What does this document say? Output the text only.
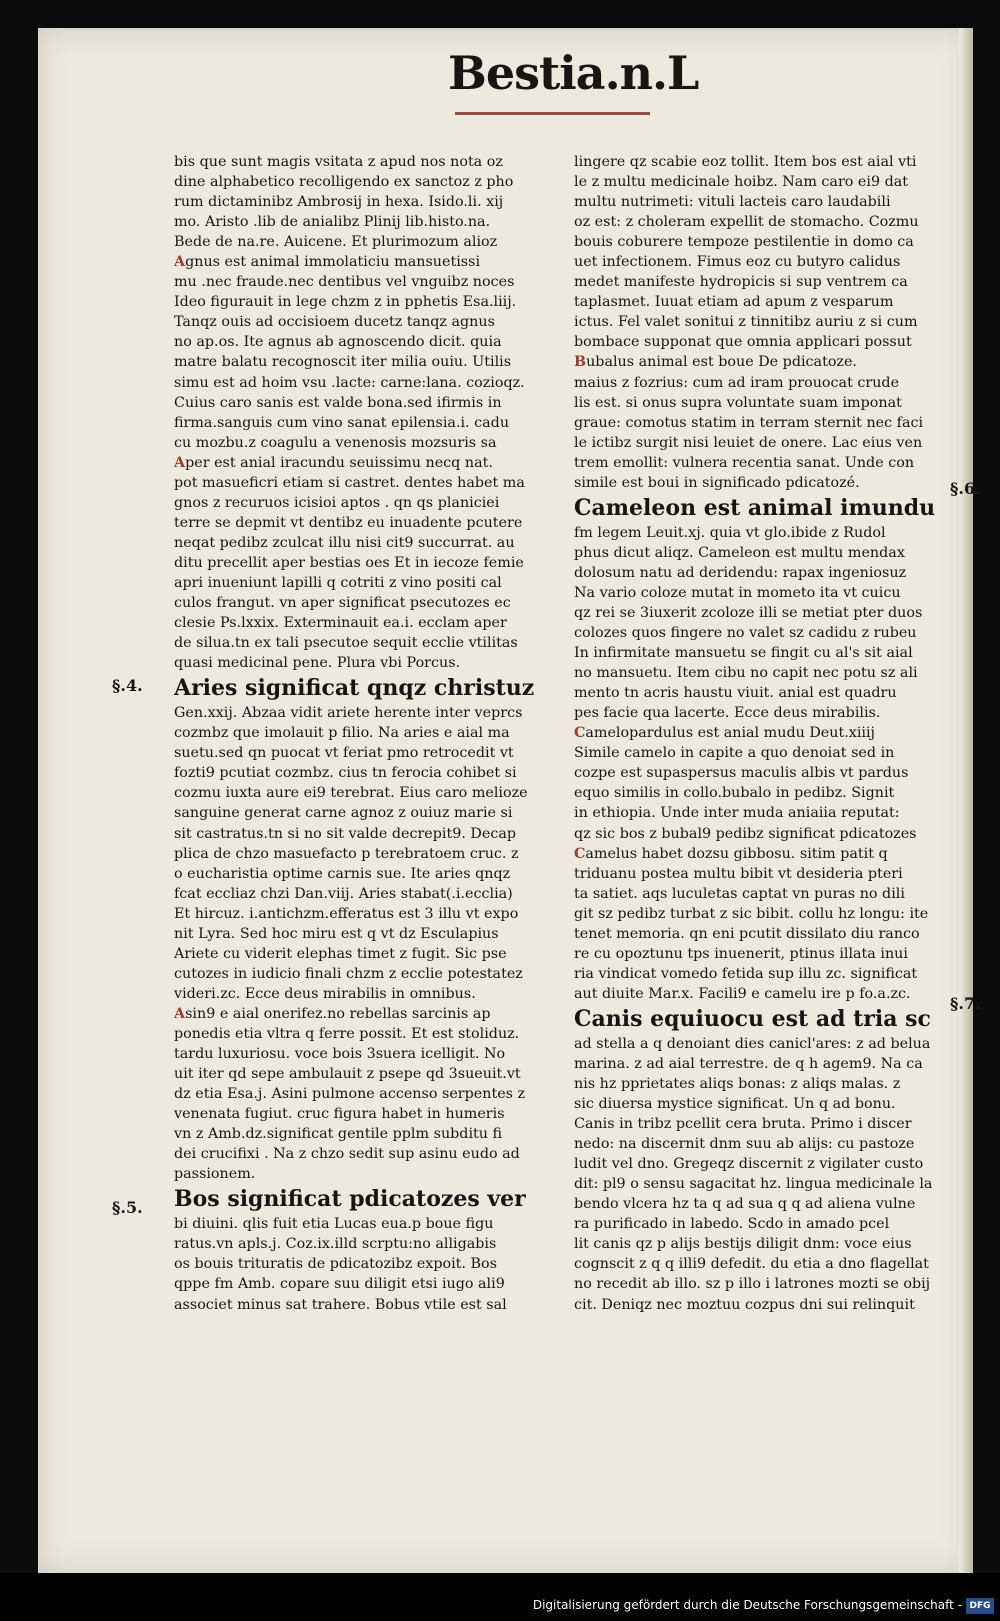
Bestia.n.L
§.4.
§.5.
§.6.
§.7.
bis que sunt magis vsitata z apud nos nota oz
dine alphabetico recolligendo ex sanctoz z pho
rum dictaminibz Ambrosij in hexa. Isido.li. xij
mo. Aristo .lib de anialibz Plinij lib.histo.na.
Bede de na.re. Auicene. Et plurimozum alioz
Agnus est animal immolaticiu mansuetissi
mu .nec fraude.nec dentibus vel vnguibz noces
Ideo figurauit in lege chzm z in pphetis Esa.liij.
Tanqz ouis ad occisioem ducetz tanqz agnus
no ap.os. Ite agnus ab agnoscendo dicit. quia
matre balatu recognoscit iter milia ouiu. Utilis
simu est ad hoim vsu .lacte: carne:lana. cozioqz.
Cuius caro sanis est valde bona.sed ifirmis in
firma.sanguis cum vino sanat epilensia.i. cadu
cu mozbu.z coagulu a venenosis mozsuris sa
Aper est anial iracundu seuissimu necq nat.
pot masueficri etiam si castret. dentes habet ma
gnos z recuruos icisioi aptos . qn qs planiciei
terre se depmit vt dentibz eu inuadente pcutere
neqat pedibz zculcat illu nisi cit9 succurrat. au
ditu precellit aper bestias oes Et in iecoze femie
apri inueniunt lapilli q cotriti z vino positi cal
culos frangut. vn aper significat psecutozes ec
clesie Ps.lxxix. Exterminauit ea.i. ecclam aper
de silua.tn ex tali psecutoe sequit ecclie vtilitas
quasi medicinal pene. Plura vbi Porcus.
Aries significat qnqz christuz
Gen.xxij. Abzaa vidit ariete herente inter veprcs
cozmbz que imolauit p filio. Na aries e aial ma
suetu.sed qn puocat vt feriat pmo retrocedit vt
fozti9 pcutiat cozmbz. cius tn ferocia cohibet si
cozmu iuxta aure ei9 terebrat. Eius caro melioze
sanguine generat carne agnoz z ouiuz marie si
sit castratus.tn si no sit valde decrepit9. Decap
plica de chzo masuefacto p terebratoem cruc. z
o eucharistia optime carnis sue. Ite aries qnqz
fcat eccliaz chzi Dan.viij. Aries stabat(.i.ecclia)
Et hircuz. i.antichzm.efferatus est 3 illu vt expo
nit Lyra. Sed hoc miru est q vt dz Esculapius
Ariete cu viderit elephas timet z fugit. Sic pse
cutozes in iudicio finali chzm z ecclie potestatez
videri.zc. Ecce deus mirabilis in omnibus.
Asin9 e aial onerifez.no rebellas sarcinis ap
ponedis etia vltra q ferre possit. Et est stoliduz.
tardu luxuriosu. voce bois 3suera icelligit. No
uit iter qd sepe ambulauit z psepe qd 3sueuit.vt
dz etia Esa.j. Asini pulmone accenso serpentes z
venenata fugiut. cruc figura habet in humeris
vn z Amb.dz.significat gentile pplm subditu fi
dei crucifixi . Na z chzo sedit sup asinu eudo ad
passionem.
Bos significat pdicatozes ver
bi diuini. qlis fuit etia Lucas eua.p boue figu
ratus.vn apls.j. Coz.ix.illd scrptu:no alligabis
os bouis trituratis de pdicatozibz expoit. Bos
qppe fm Amb. copare suu diligit etsi iugo ali9
associet minus sat trahere. Bobus vtile est sal
lingere qz scabie eoz tollit. Item bos est aial vti
le z multu medicinale hoibz. Nam caro ei9 dat
multu nutrimeti: vituli lacteis caro laudabili
oz est: z choleram expellit de stomacho. Cozmu
bouis coburere tempoze pestilentie in domo ca
uet infectionem. Fimus eoz cu butyro calidus
medet manifeste hydropicis si sup ventrem ca
taplasmet. Iuuat etiam ad apum z vesparum
ictus. Fel valet sonitui z tinnitibz auriu z si cum
bombace supponat que omnia applicari possut
Bubalus animal est boue De pdicatoze.
maius z fozrius: cum ad iram prouocat crude
lis est. si onus supra voluntate suam imponat
graue: comotus statim in terram sternit nec faci
le ictibz surgit nisi leuiet de onere. Lac eius ven
trem emollit: vulnera recentia sanat. Unde con
simile est boui in significado pdicatozé.
Cameleon est animal imundu
fm legem Leuit.xj. quia vt glo.ibide z Rudol
phus dicut aliqz. Cameleon est multu mendax
dolosum natu ad deridendu: rapax ingeniosuz
Na vario coloze mutat in mometo ita vt cuicu
qz rei se 3iuxerit zcoloze illi se metiat pter duos
colozes quos fingere no valet sz cadidu z rubeu
In infirmitate mansuetu se fingit cu al's sit aial
no mansuetu. Item cibu no capit nec potu sz ali
mento tn acris haustu viuit. anial est quadru
pes facie qua lacerte. Ecce deus mirabilis.
Camelopardulus est anial mudu Deut.xiiij
Simile camelo in capite a quo denoiat sed in
cozpe est supaspersus maculis albis vt pardus
equo similis in collo.bubalo in pedibz. Signit
in ethiopia. Unde inter muda aniaiia reputat:
qz sic bos z bubal9 pedibz significat pdicatozes
Camelus habet dozsu gibbosu. sitim patit q
triduanu postea multu bibit vt desideria pteri
ta satiet. aqs luculetas captat vn puras no dili
git sz pedibz turbat z sic bibit. collu hz longu: ite
tenet memoria. qn eni pcutit dissilato diu ranco
re cu opoztunu tps inuenerit, ptinus illata inui
ria vindicat vomedo fetida sup illu zc. significat
aut diuite Mar.x. Facili9 e camelu ire p fo.a.zc.
Canis equiuocu est ad tria sc
ad stella a q denoiant dies canicl'ares: z ad belua
marina. z ad aial terrestre. de q h agem9. Na ca
nis hz pprietates aliqs bonas: z aliqs malas. z
sic diuersa mystice significat. Un q ad bonu.
Canis in tribz pcellit cera bruta. Primo i discer
nedo: na discernit dnm suu ab alijs: cu pastoze
ludit vel dno. Gregeqz discernit z vigilater custo
dit: pl9 o sensu sagacitat hz. lingua medicinale la
bendo vlcera hz ta q ad sua q q ad aliena vulne
ra purificado in labedo. Scdo in amado pcel
lit canis qz p alijs bestijs diligit dnm: voce eius
cognscit z q q illi9 defedit. du etia a dno flagellat
no recedit ab illo. sz p illo i latrones mozti se obij
cit. Deniqz nec moztuu cozpus dni sui relinquit
Digitalisierung gefördert durch die Deutsche Forschungsgemeinschaft - DFG
